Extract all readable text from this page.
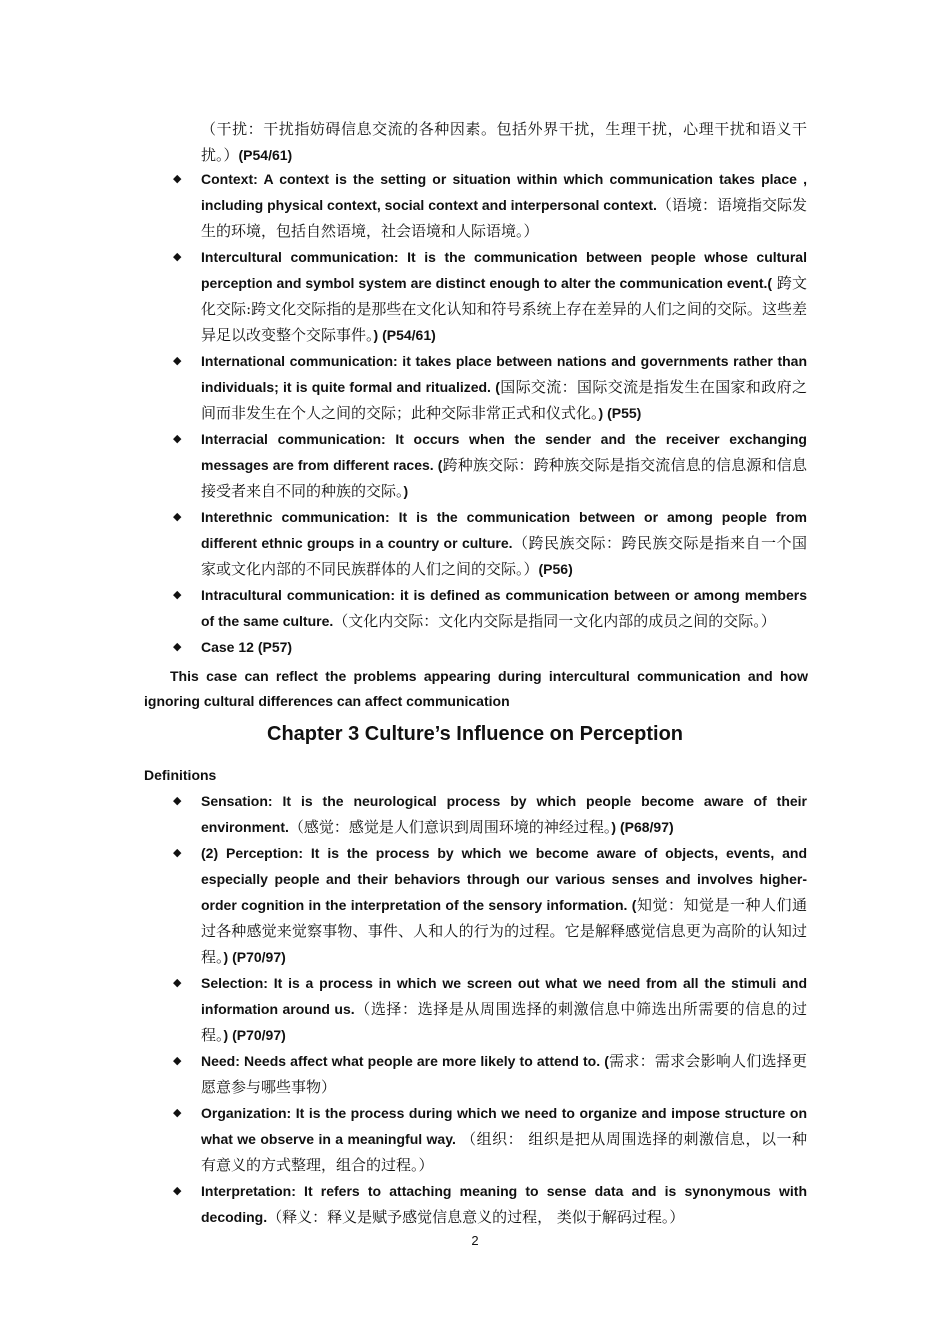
（干扰：干扰指妨碍信息交流的各种因素。包括外界干扰，生理干扰，心理干扰和语义干扰。）(P54/61)
◆ Context: A context is the setting or situation within which communication takes place , including physical context, social context and interpersonal context.（语境：语境指交际发生的环境，包括自然语境，社会语境和人际语境。）
◆ Intercultural communication: It is the communication between people whose cultural perception and symbol system are distinct enough to alter the communication event.( 跨文化交际:跨文化交际指的是那些在文化认知和符号系统上存在差异的人们之间的交际。这些差异足以改变整个交际事件。) (P54/61)
◆ International communication: it takes place between nations and governments rather than individuals; it is quite formal and ritualized. (国际交流：国际交流是指发生在国家和政府之间而非发生在个人之间的交际；此种交际非常正式和仪式化。) (P55)
◆ Interracial communication: It occurs when the sender and the receiver exchanging messages are from different races. (跨种族交际：跨种族交际是指交流信息的信息源和信息接受者来自不同的种族的交际。)
◆ Interethnic communication: It is the communication between or among people from different ethnic groups in a country or culture.（跨民族交际：跨民族交际是指来自一个国家或文化内部的不同民族群体的人们之间的交际。）(P56)
◆ Intracultural communication: it is defined as communication between or among members of the same culture.（文化内交际：文化内交际是指同一文化内部的成员之间的交际。）
◆ Case 12 (P57)
This case can reflect the problems appearing during intercultural communication and how ignoring cultural differences can affect communication
Chapter 3 Culture’s Influence on Perception
Definitions
◆ Sensation: It is the neurological process by which people become aware of their environment.（感觉：感觉是人们意识到周围环境的神经过程。) (P68/97)
◆ (2) Perception: It is the process by which we become aware of objects, events, and especially people and their behaviors through our various senses and involves higher-order cognition in the interpretation of the sensory information. (知觉：知觉是一种人们通过各种感觉来觉察事物、事件、人和人的行为的过程。它是解释感觉信息更为高阶的认知过程。) (P70/97)
◆ Selection: It is a process in which we screen out what we need from all the stimuli and information around us.（选择：选择是从周围选择的刺激信息中筛选出所需要的信息的过程。) (P70/97)
◆ Need: Needs affect what people are more likely to attend to. (需求：需求会影响人们选择更愿意参与哪些事物）
◆ Organization: It is the process during which we need to organize and impose structure on what we observe in a meaningful way. （组织： 组织是把从周围选择的刺激信息，以一种有意义的方式整理，组合的过程。）
◆ Interpretation: It refers to attaching meaning to sense data and is synonymous with decoding.（释义：释义是赋予感觉信息意义的过程， 类似于解码过程。）
2
